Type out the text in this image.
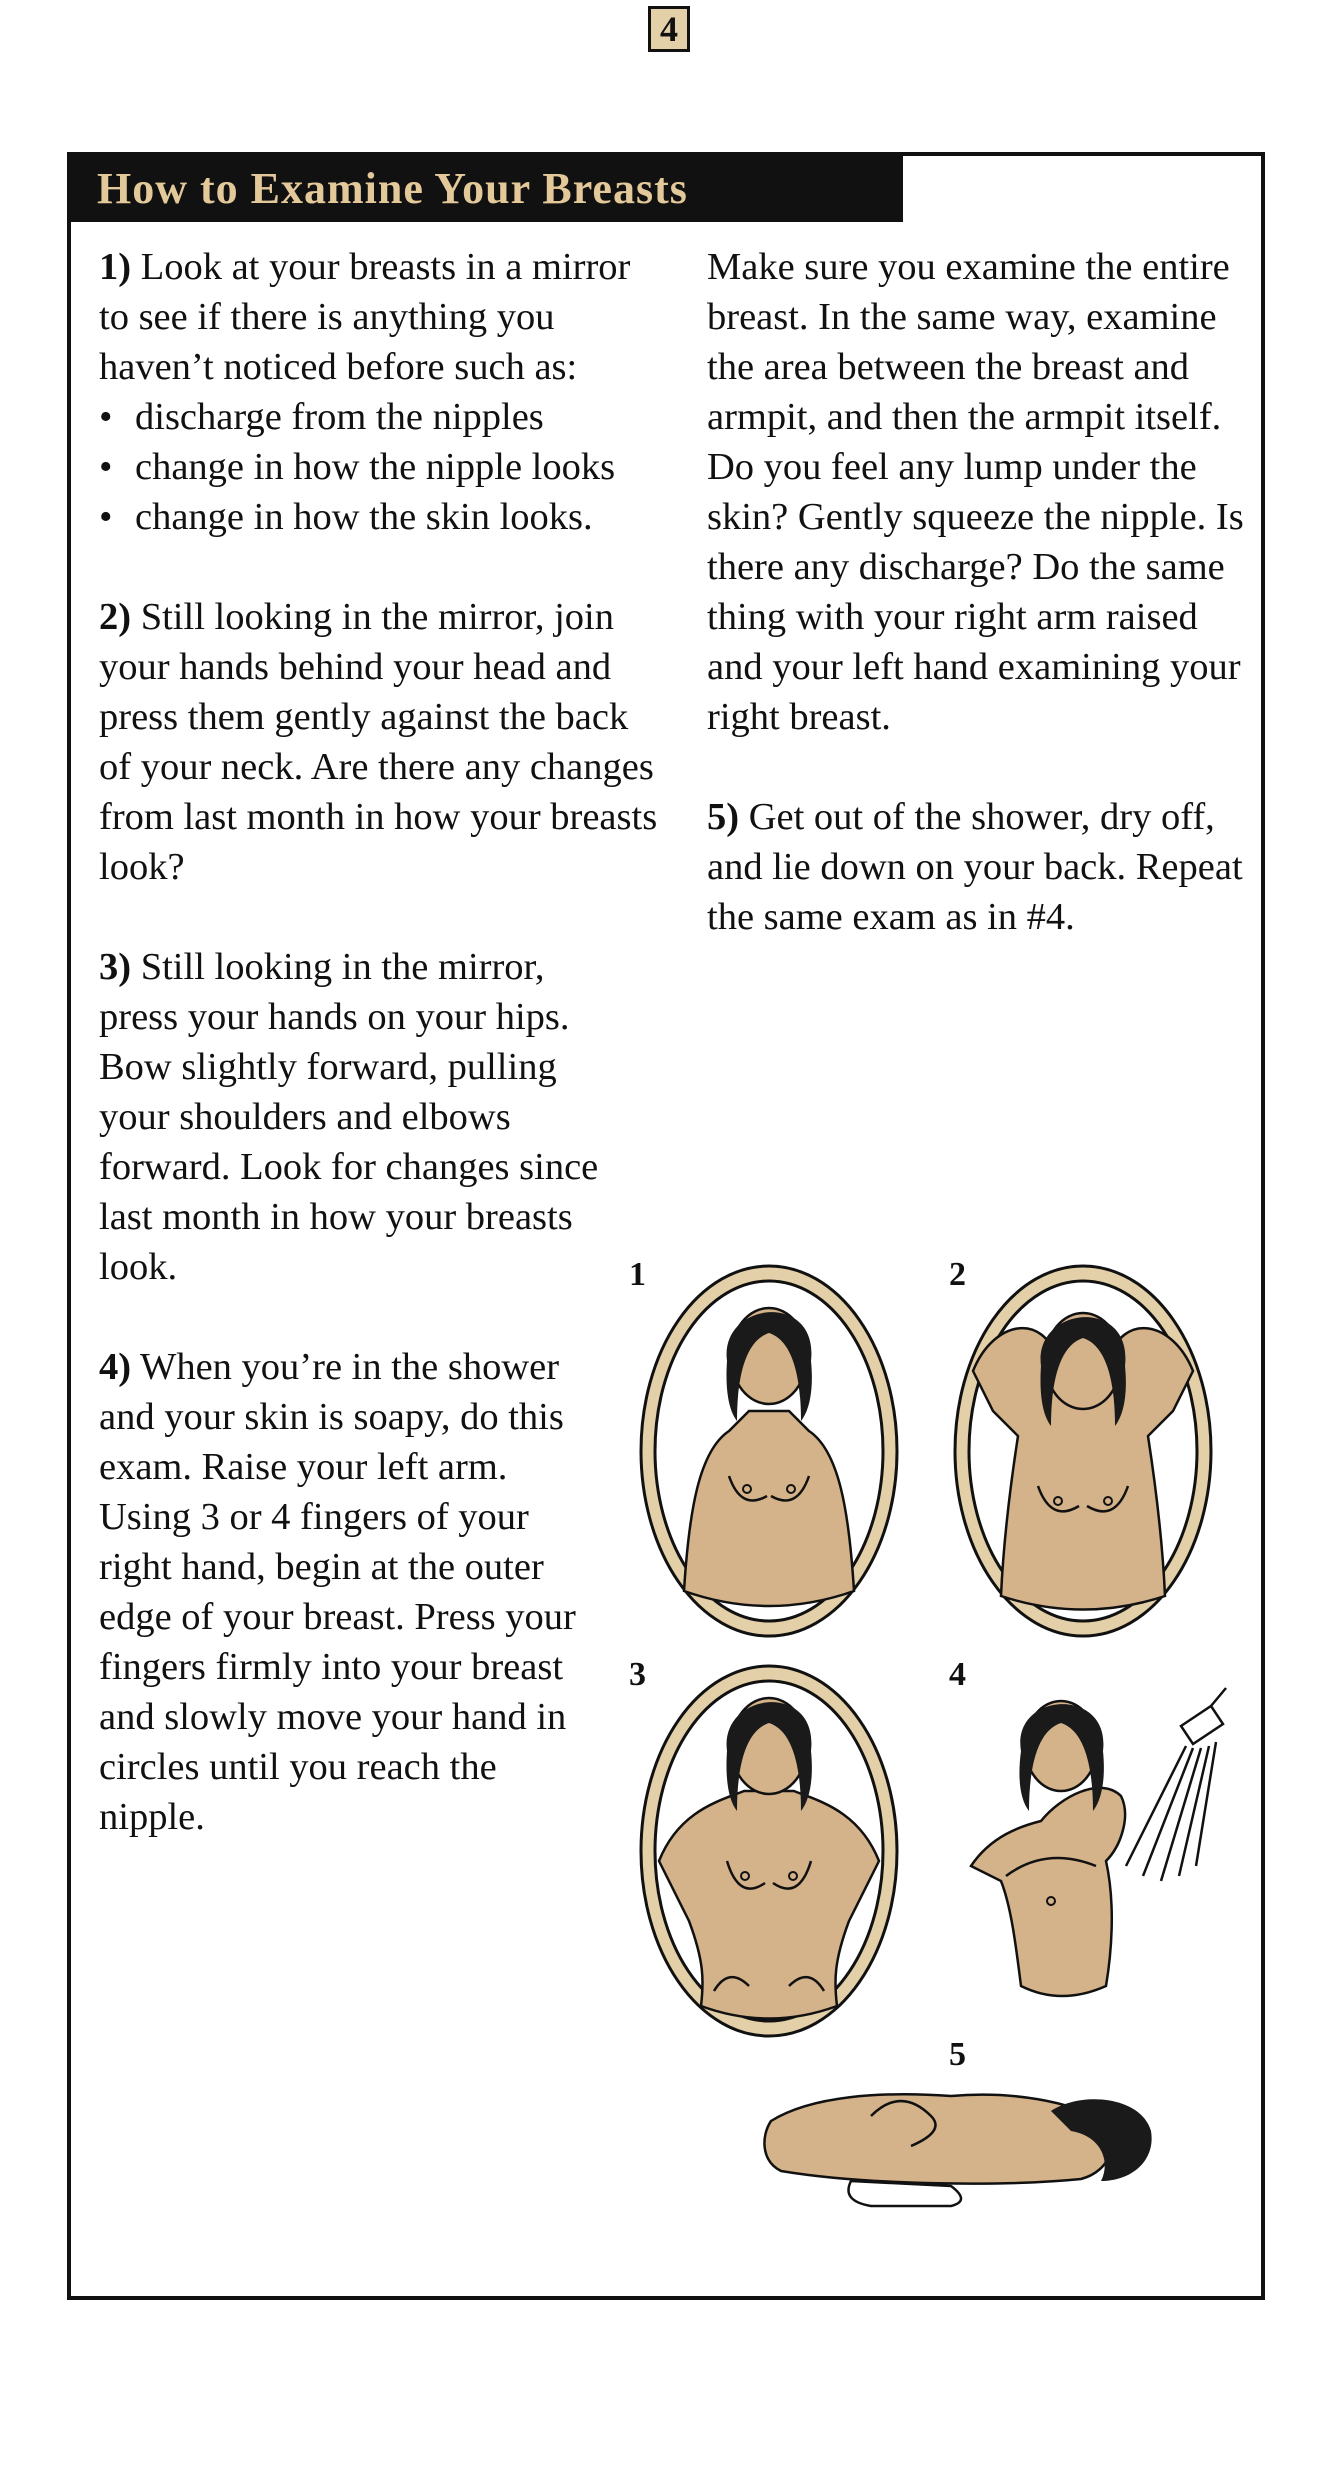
4
How to Examine Your Breasts

1) Look at your breasts in a mirror to see if there is anything you haven’t noticed before such as:

• discharge from the nipples
• change in how the nipple looks
• change in how the skin looks.

2) Still looking in the mirror, join your hands behind your head and press them gently against the back of your neck. Are there any changes from last month in how your breasts look?

3) Still looking in the mirror, press your hands on your hips. Bow slightly forward, pulling your shoulders and elbows forward. Look for changes since last month in how your breasts look.

4) When you’re in the shower and your skin is soapy, do this exam. Raise your left arm. Using 3 or 4 fingers of your right hand, begin at the outer edge of your breast. Press your fingers firmly into your breast and slowly move your hand in circles until you reach the nipple.

Make sure you examine the entire breast. In the same way, examine the area between the breast and armpit, and then the armpit itself. Do you feel any lump under the skin? Gently squeeze the nipple. Is there any discharge? Do the same thing with your right arm raised and your left hand examining your right breast.

5) Get out of the shower, dry off, and lie down on your back. Repeat the same exam as in #4.

1	2
3	4
5
